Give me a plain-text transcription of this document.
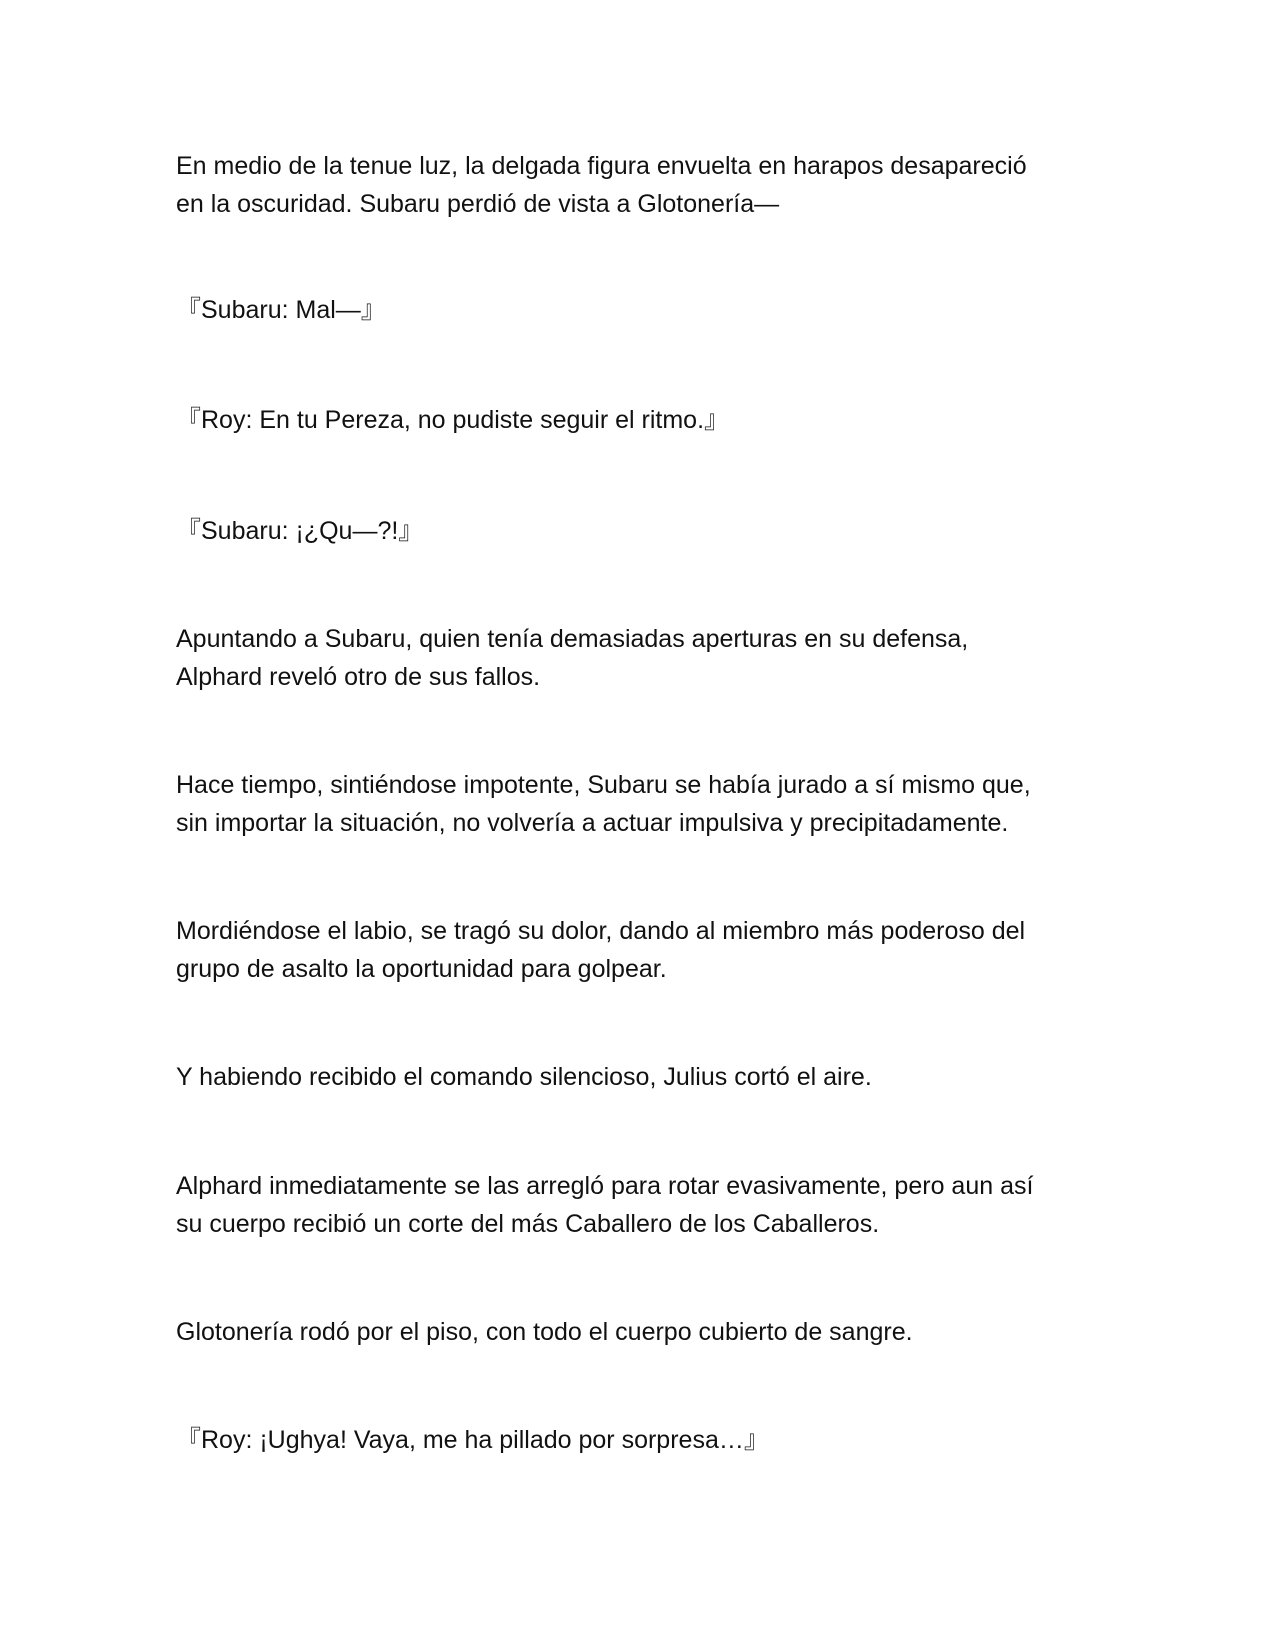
En medio de la tenue luz, la delgada figura envuelta en harapos desapareció

en la oscuridad. Subaru perdió de vista a Glotonería—

『Subaru: Mal—』

『Roy: En tu Pereza, no pudiste seguir el ritmo.』

『Subaru: ¡¿Qu—?!』

Apuntando a Subaru, quien tenía demasiadas aperturas en su defensa,

Alphard reveló otro de sus fallos.

Hace tiempo, sintiéndose impotente, Subaru se había jurado a sí mismo que,

sin importar la situación, no volvería a actuar impulsiva y precipitadamente.

Mordiéndose el labio, se tragó su dolor, dando al miembro más poderoso del

grupo de asalto la oportunidad para golpear.

Y habiendo recibido el comando silencioso, Julius cortó el aire.

Alphard inmediatamente se las arregló para rotar evasivamente, pero aun así

su cuerpo recibió un corte del más Caballero de los Caballeros.

Glotonería rodó por el piso, con todo el cuerpo cubierto de sangre.

『Roy: ¡Ughya! Vaya, me ha pillado por sorpresa…』
